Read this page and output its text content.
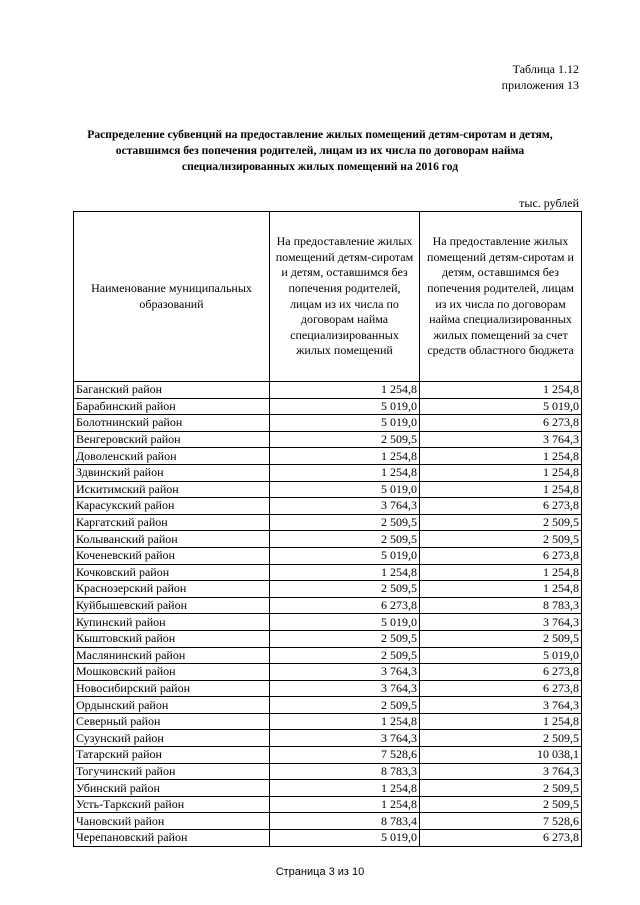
Таблица 1.12
приложения 13
Распределение субвенций на предоставление жилых помещений детям-сиротам и детям,
оставшимся без попечения родителей, лицам из их числа по договорам найма
специализированных жилых помещений на 2016 год
тыс. рублей
Наименование муниципальных образований	На предоставление жилых помещений детям-сиротам и детям, оставшимся без попечения родителей, лицам из их числа по договорам найма специализированных жилых помещений	На предоставление жилых помещений детям-сиротам и детям, оставшимся без попечения родителей, лицам из их числа по договорам найма специализированных жилых помещений за счет средств областного бюджета
Баганский район	1 254,8	1 254,8
Барабинский район	5 019,0	5 019,0
Болотнинский район	5 019,0	6 273,8
Венгеровский район	2 509,5	3 764,3
Доволенский район	1 254,8	1 254,8
Здвинский район	1 254,8	1 254,8
Искитимский район	5 019,0	1 254,8
Карасукский район	3 764,3	6 273,8
Каргатский район	2 509,5	2 509,5
Колыванский район	2 509,5	2 509,5
Коченевский район	5 019,0	6 273,8
Кочковский район	1 254,8	1 254,8
Краснозерский район	2 509,5	1 254,8
Куйбышевский район	6 273,8	8 783,3
Купинский район	5 019,0	3 764,3
Кыштовский район	2 509,5	2 509,5
Маслянинский район	2 509,5	5 019,0
Мошковский район	3 764,3	6 273,8
Новосибирский район	3 764,3	6 273,8
Ордынский район	2 509,5	3 764,3
Северный район	1 254,8	1 254,8
Сузунский район	3 764,3	2 509,5
Татарский район	7 528,6	10 038,1
Тогучинский район	8 783,3	3 764,3
Убинский район	1 254,8	2 509,5
Усть-Таркский район	1 254,8	2 509,5
Чановский район	8 783,4	7 528,6
Черепановский район	5 019,0	6 273,8
Страница 3 из 10
